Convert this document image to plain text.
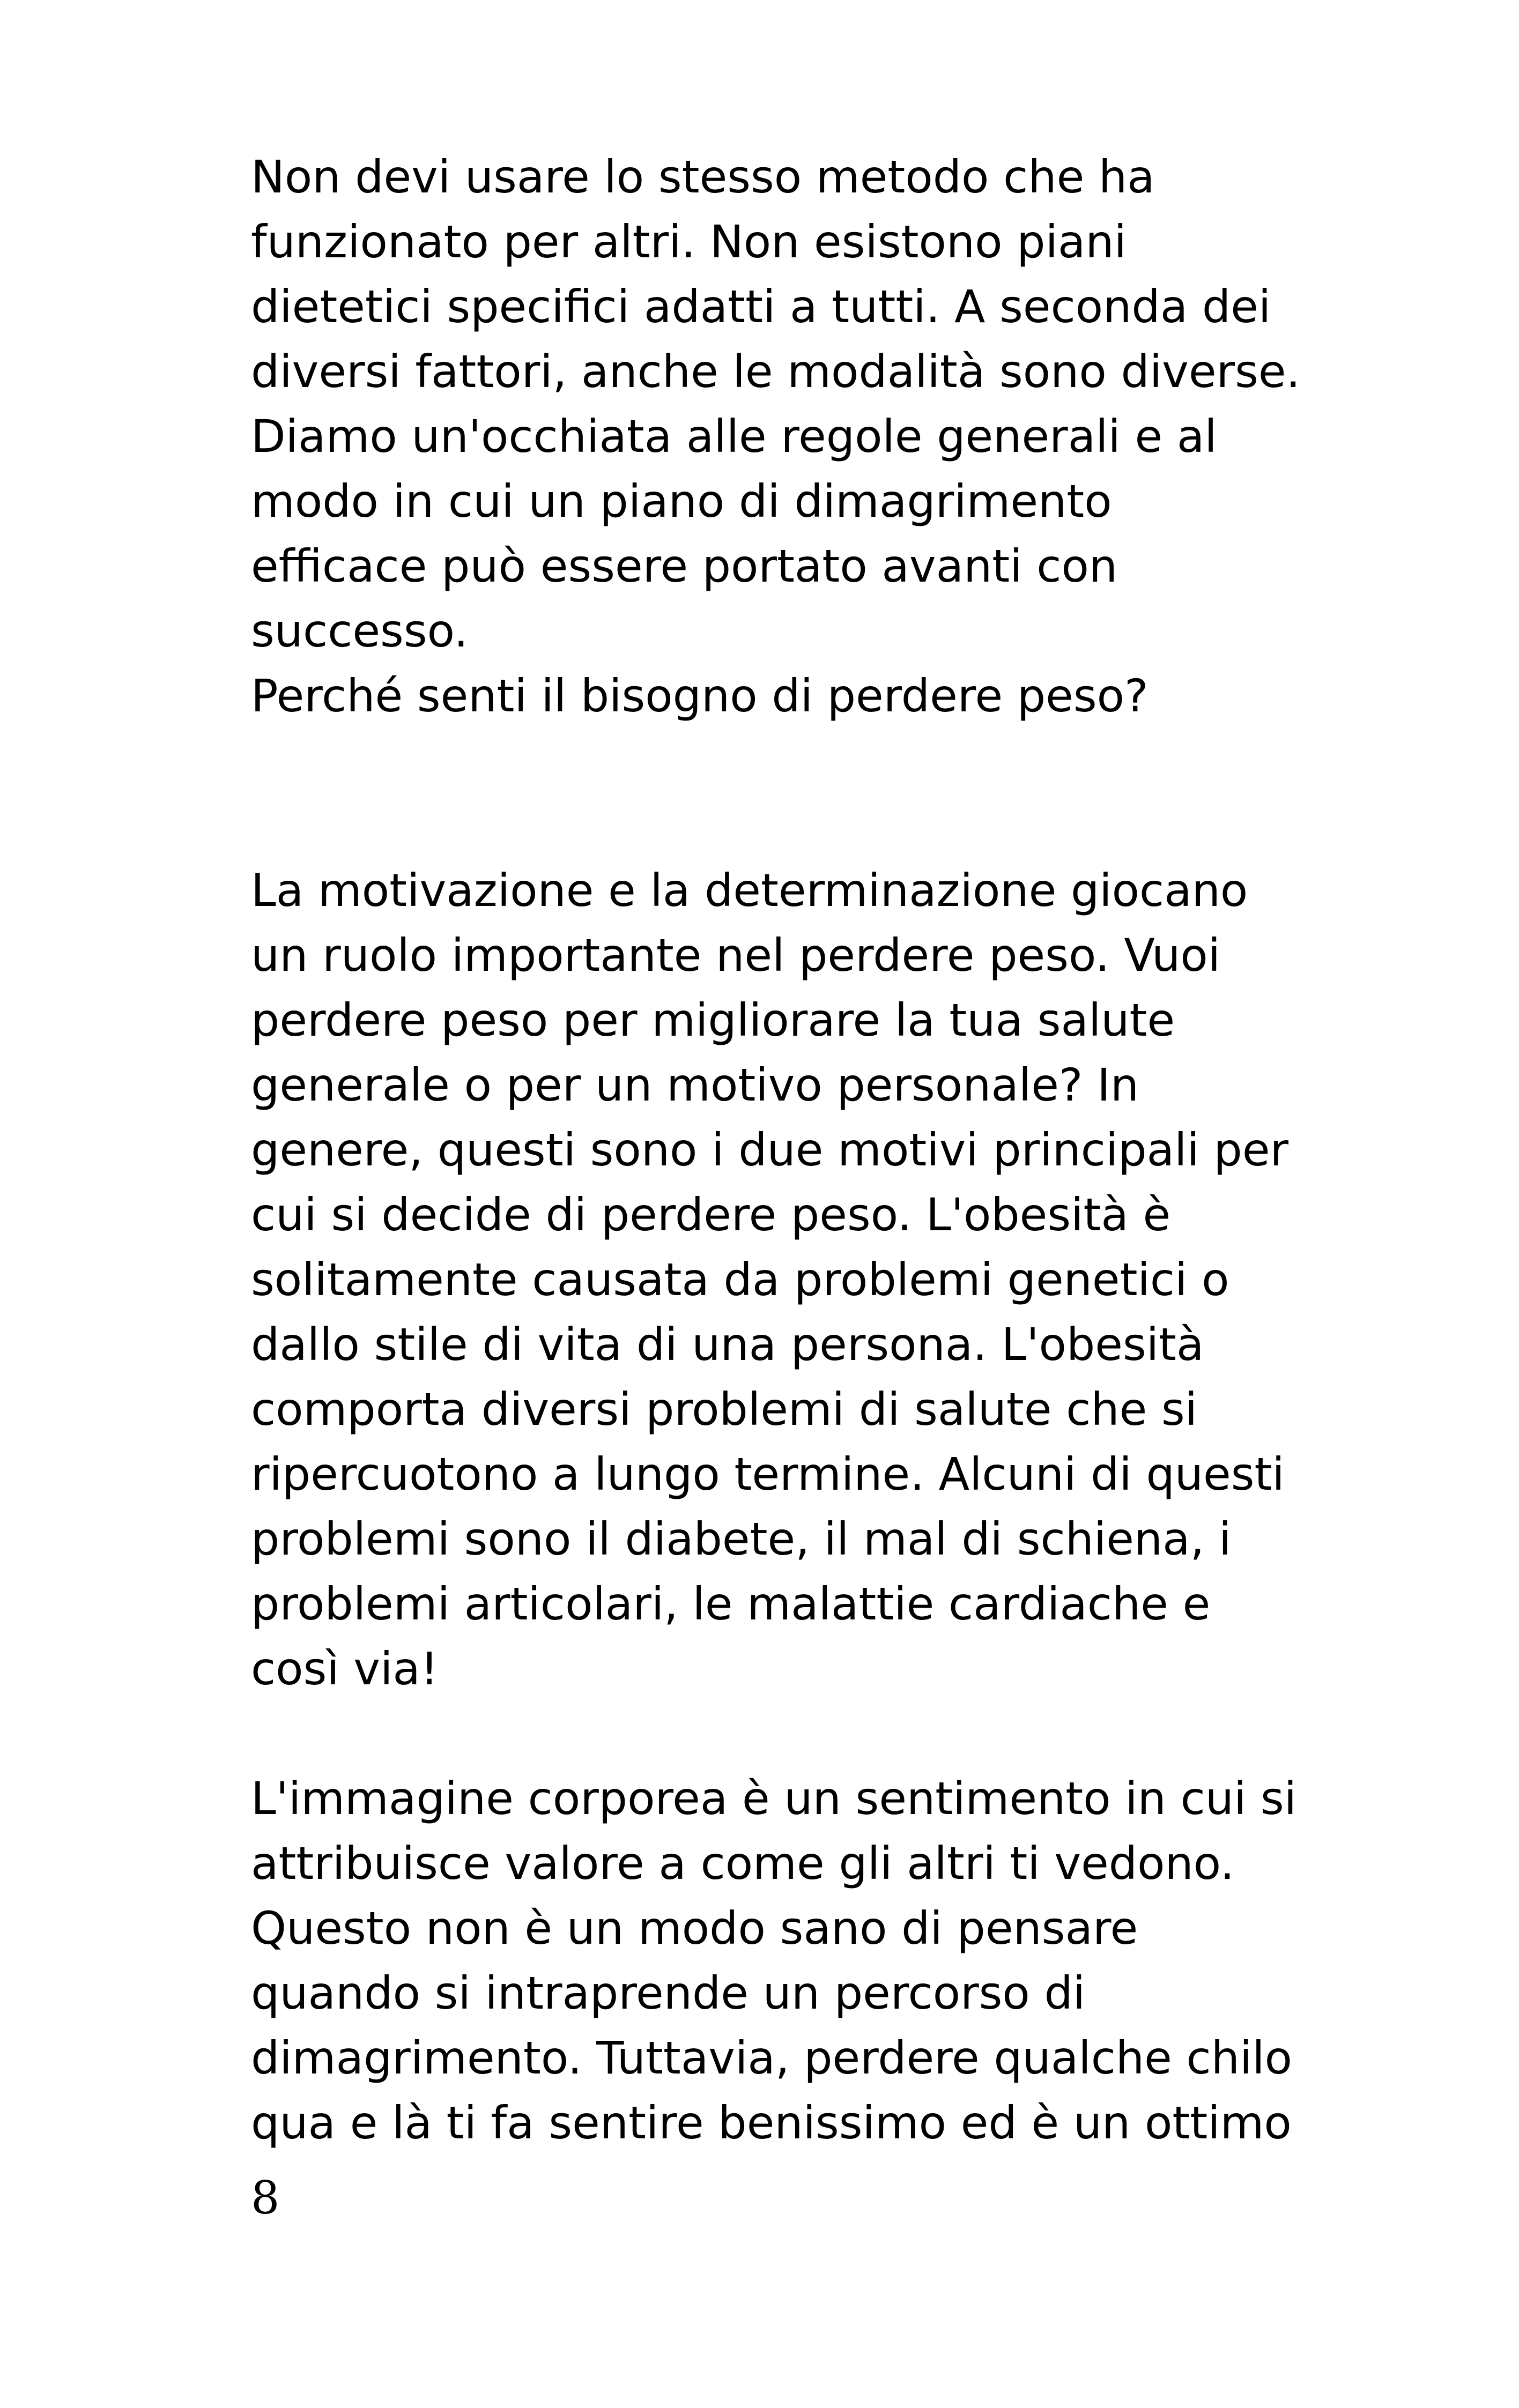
Non devi usare lo stesso metodo che ha
funzionato per altri. Non esistono piani
dietetici specifici adatti a tutti. A seconda dei
diversi fattori, anche le modalità sono diverse.
Diamo un'occhiata alle regole generali e al
modo in cui un piano di dimagrimento
efficace può essere portato avanti con
successo.
Perché senti il bisogno di perdere peso?
La motivazione e la determinazione giocano
un ruolo importante nel perdere peso. Vuoi
perdere peso per migliorare la tua salute
generale o per un motivo personale? In
genere, questi sono i due motivi principali per
cui si decide di perdere peso. L'obesità è
solitamente causata da problemi genetici o
dallo stile di vita di una persona. L'obesità
comporta diversi problemi di salute che si
ripercuotono a lungo termine. Alcuni di questi
problemi sono il diabete, il mal di schiena, i
problemi articolari, le malattie cardiache e
così via!
L'immagine corporea è un sentimento in cui si
attribuisce valore a come gli altri ti vedono.
Questo non è un modo sano di pensare
quando si intraprende un percorso di
dimagrimento. Tuttavia, perdere qualche chilo
qua e là ti fa sentire benissimo ed è un ottimo
8
